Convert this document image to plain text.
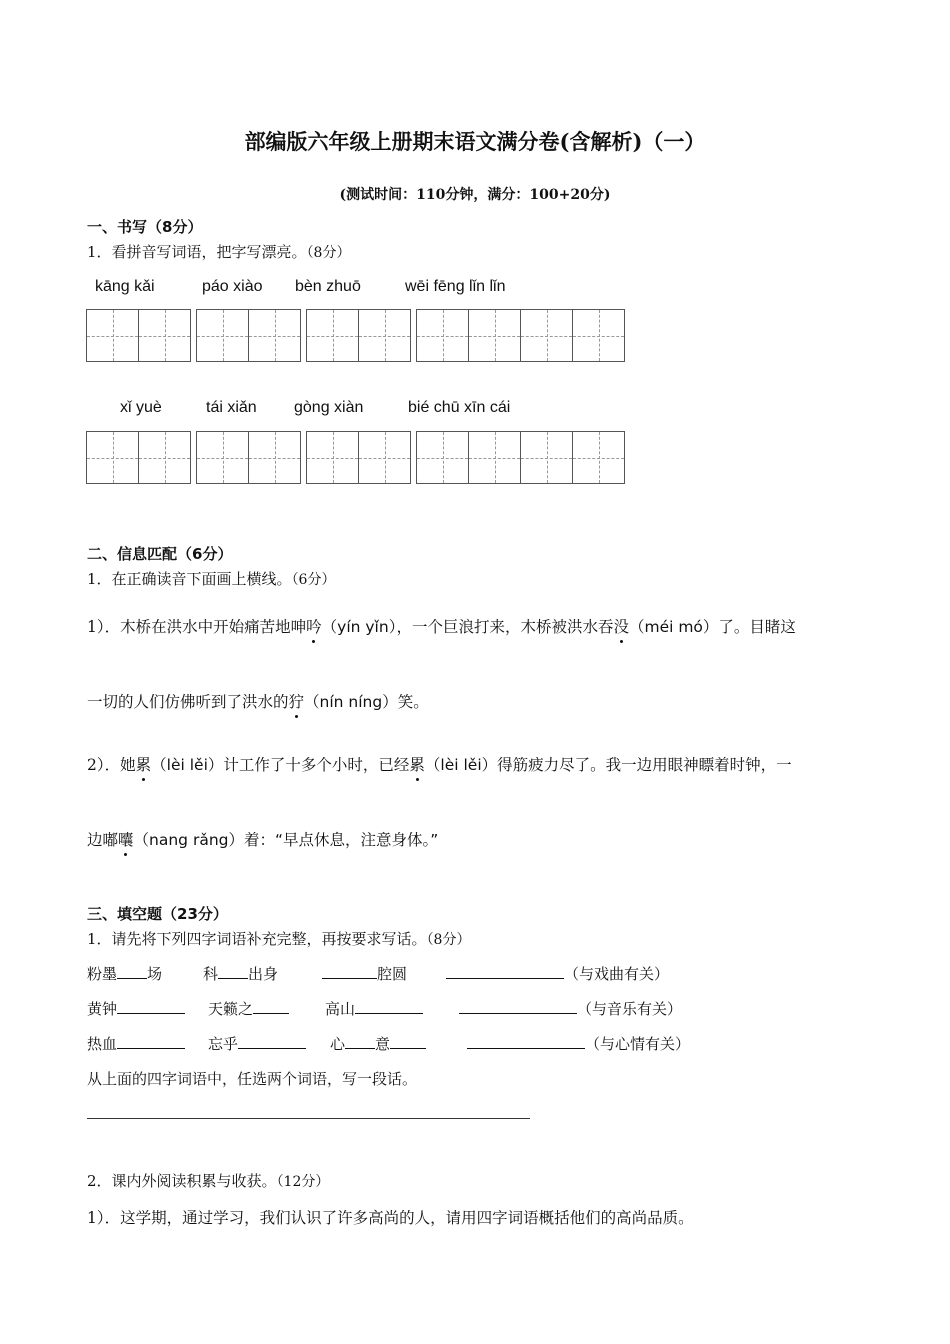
部编版六年级上册期末语文满分卷(含解析)（一）
(测试时间：110分钟，满分：100+20分)
一、书写（8分）
1．看拼音写词语，把字写漂亮。（8分）
kāng kǎi	páo xiào bèn zhuō	wēi fēng lǐn lǐn
xǐ yuè	tái xiǎn gòng xiàn	bié chū xīn cái
二、信息匹配（6分）
1．在正确读音下面画上横线。（6分）
1）．木桥在洪水中开始痛苦地呻吟（yín yǐn），一个巨浪打来，木桥被洪水吞没（méi mó）了。目睹这
一切的人们仿佛听到了洪水的狞（nín níng）笑。
2）．她累（lèi lěi）计工作了十多个小时，已经累（lèi lěi）得筋疲力尽了。我一边用眼神瞟着时钟，一
边嘟囔（nang rǎng）着：“早点休息，注意身体。”
三、填空题（23分）
1．请先将下列四字词语补充完整，再按要求写话。（8分）
粉墨 场	科 出身	腔圆	（与戏曲有关）
黄钟	天籁之	高山	（与音乐有关）
热血	忘乎	心 意	（与心情有关）
从上面的四字词语中，任选两个词语，写一段话。
2．课内外阅读积累与收获。（12分）
1）．这学期，通过学习，我们认识了许多高尚的人，请用四字词语概括他们的高尚品质。
